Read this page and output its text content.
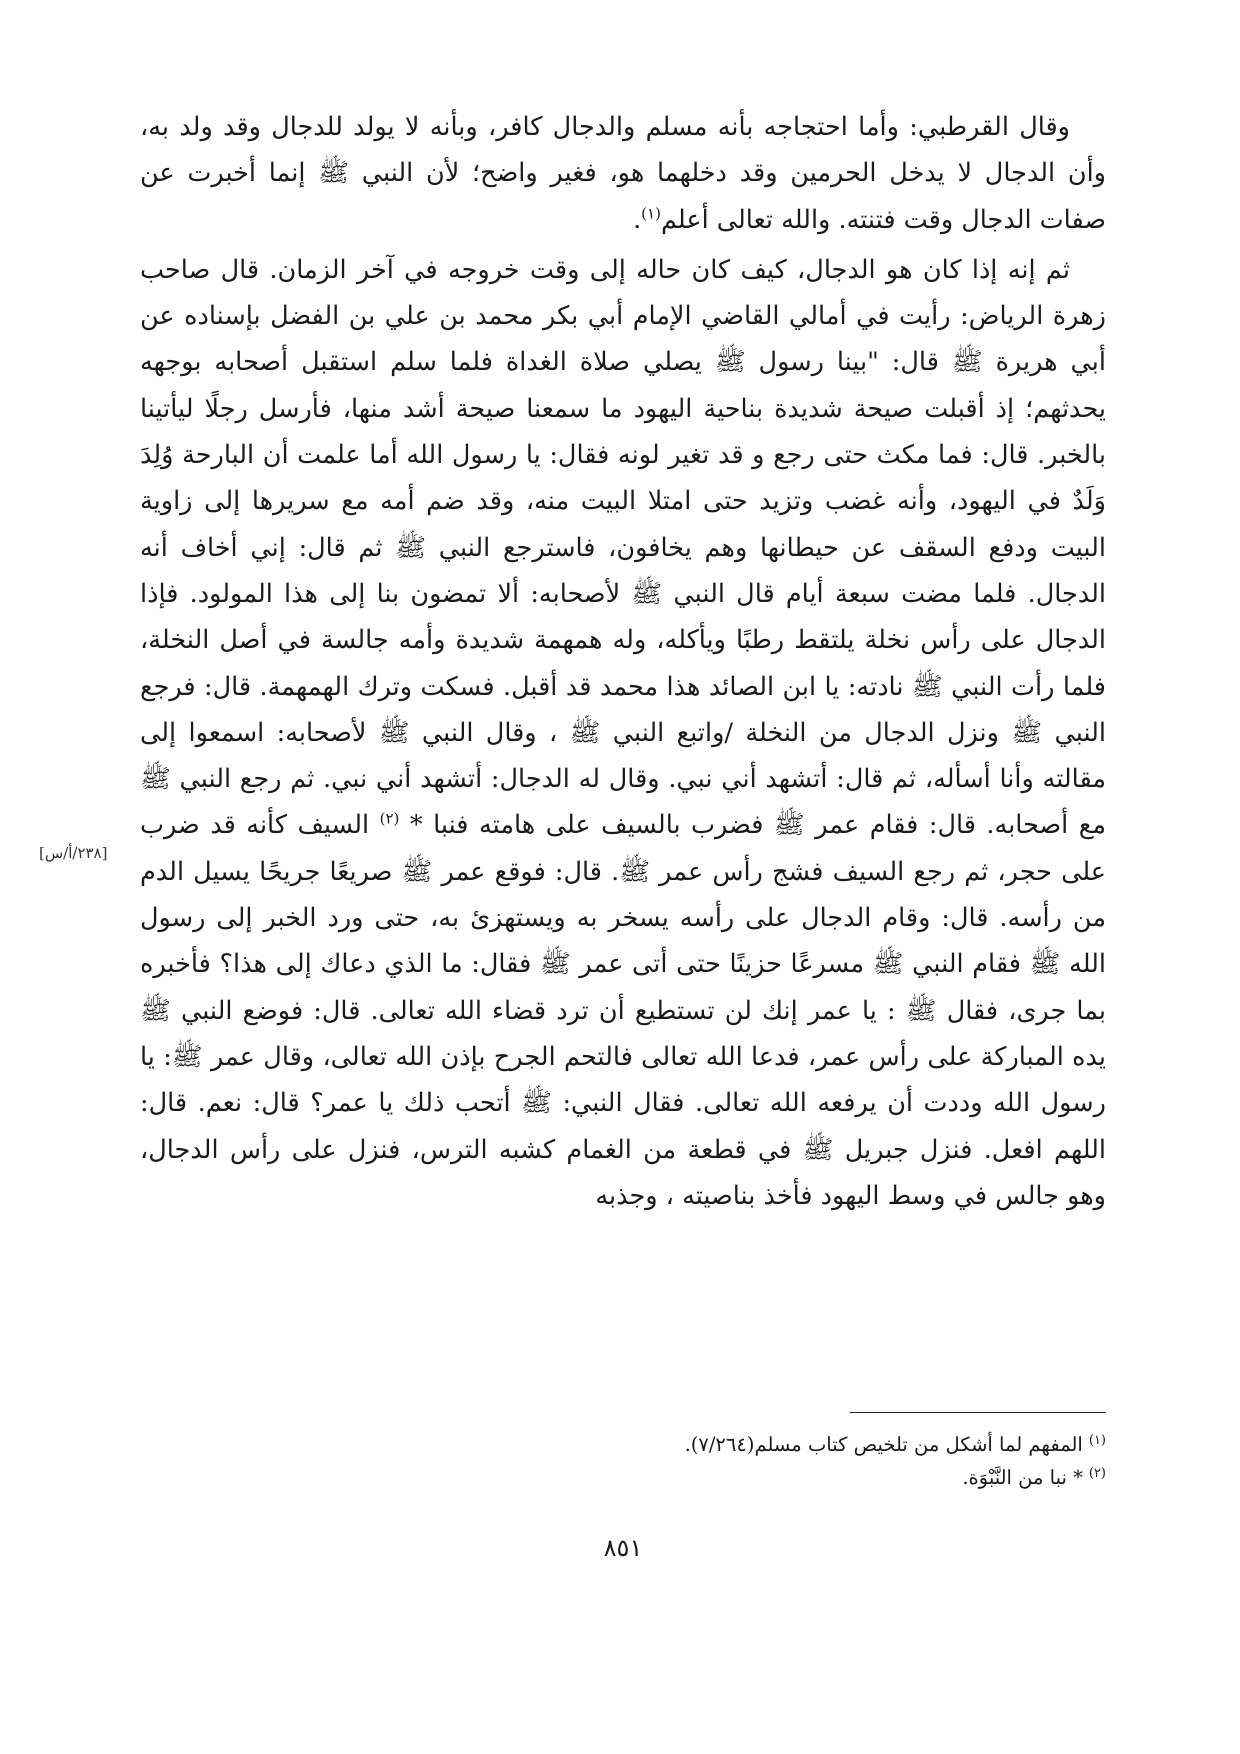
وقال القرطبي: وأما احتجاجه بأنه مسلم والدجال كافر، وبأنه لا يولد للدجال وقد ولد به، وأن الدجال لا يدخل الحرمين وقد دخلهما هو، فغير واضح؛ لأن النبي ﷺ إنما أخبرت عن صفات الدجال وقت فتنته. والله تعالى أعلم$^{(١)}$.

ثم إنه إذا كان هو الدجال، كيف كان حاله إلى وقت خروجه في آخر الزمان. قال صاحب زهرة الرياض: رأيت في أمالي القاضي الإمام أبي بكر محمد بن علي بن الفضل بإسناده عن أبي هريرة ﷺ قال: "بينا رسول ﷺ يصلي صلاة الغداة فلما سلم استقبل أصحابه بوجهه يحدثهم؛ إذ أقبلت صيحة شديدة بناحية اليهود ما سمعنا صيحة أشد منها، فأرسل رجلًا ليأتينا بالخبر. قال: فما مكث حتى رجع و قد تغير لونه فقال: يا رسول الله أما علمت أن البارحة وُلِدَ وَلَدٌ في اليهود، وأنه غضب وتزيد حتى امتلا البيت منه، وقد ضم أمه مع سريرها إلى زاوية البيت ودفع السقف عن حيطانها وهم يخافون، فاسترجع النبي ﷺ ثم قال: إني أخاف أنه الدجال. فلما مضت سبعة أيام قال النبي ﷺ لأصحابه: ألا تمضون بنا إلى هذا المولود. فإذا الدجال على رأس نخلة يلتقط رطبًا ويأكله، وله همهمة شديدة وأمه جالسة في أصل النخلة، فلما رأت النبي ﷺ نادته: يا ابن الصائد هذا محمد قد أقبل. فسكت وترك الهمهمة. قال: فرجع النبي ﷺ ونزل الدجال من النخلة /واتبع النبي ﷺ ، وقال النبي ﷺ لأصحابه: اسمعوا إلى مقالته وأنا أسأله، ثم قال: أتشهد أني نبي. وقال له الدجال: أتشهد أني نبي. ثم رجع النبي ﷺ مع أصحابه. قال: فقام عمر ﷺ فضرب بالسيف على هامته فنبا * $^{(٢)}$ السيف كأنه قد ضرب على حجر، ثم رجع السيف فشج رأس عمر ﷺ. قال: فوقع عمر ﷺ صريعًا جريحًا يسيل الدم من رأسه. قال: وقام الدجال على رأسه يسخر به ويستهزئ به، حتى ورد الخبر إلى رسول الله ﷺ فقام النبي ﷺ مسرعًا حزينًا حتى أتى عمر ﷺ فقال: ما الذي دعاك إلى هذا؟ فأخبره بما جرى، فقال ﷺ : يا عمر إنك لن تستطيع أن ترد قضاء الله تعالى. قال: فوضع النبي ﷺ يده المباركة على رأس عمر، فدعا الله تعالى فالتحم الجرح بإذن الله تعالى، وقال عمر ﷺ: يا رسول الله وددت أن يرفعه الله تعالى. فقال النبي: ﷺ أتحب ذلك يا عمر؟ قال: نعم. قال: اللهم افعل. فنزل جبريل ﷺ في قطعة من الغمام كشبه الترس، فنزل على رأس الدجال، وهو جالس في وسط اليهود فأخذ بناصيته ، وجذبه

[٢٣٨/أ/س]

$^{(١)}$المفهم لما أشكل من تلخيص كتاب مسلم(٧/٢٦٤).

$^{(٢)}$* نبا من النَّبْوَة.

٨٥١
